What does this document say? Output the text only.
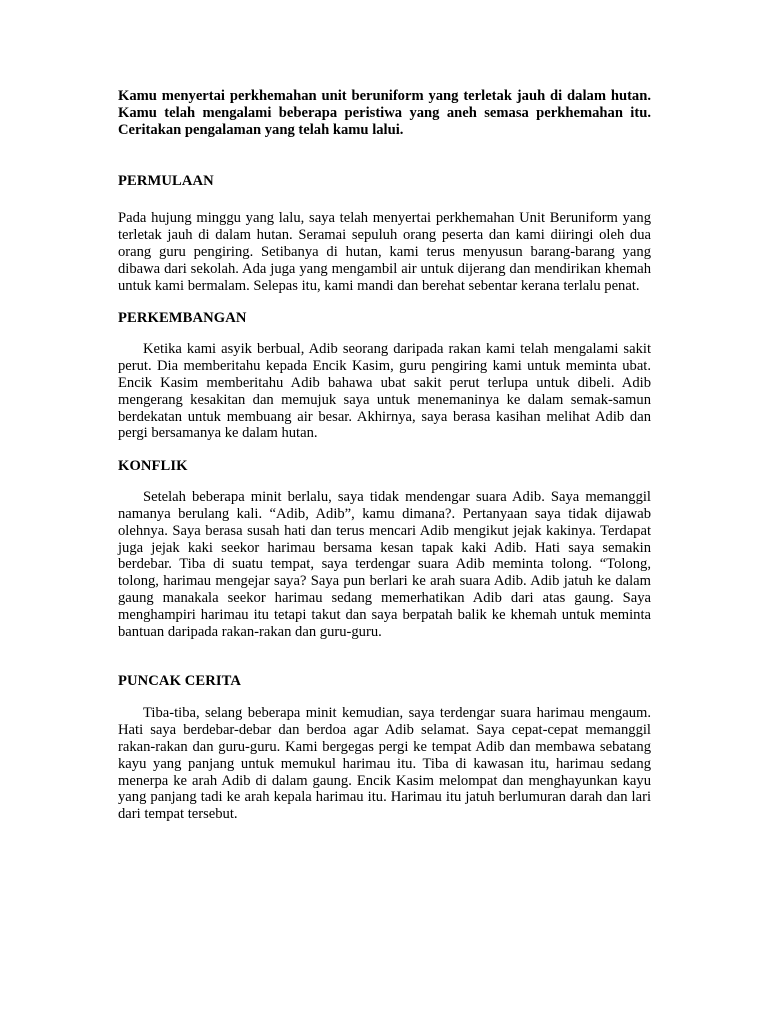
Kamu menyertai perkhemahan unit beruniform yang terletak jauh di dalam hutan. Kamu telah mengalami beberapa peristiwa yang aneh semasa perkhemahan itu. Ceritakan pengalaman yang telah kamu lalui.

PERMULAAN

Pada hujung minggu yang lalu, saya telah menyertai perkhemahan Unit Beruniform yang terletak jauh di dalam hutan. Seramai sepuluh orang peserta dan kami diiringi oleh dua orang guru pengiring. Setibanya di hutan, kami terus menyusun barang-barang yang dibawa dari sekolah. Ada juga yang mengambil air untuk dijerang dan mendirikan khemah untuk kami bermalam. Selepas itu, kami mandi dan berehat sebentar kerana terlalu penat.

PERKEMBANGAN

Ketika kami asyik berbual, Adib seorang daripada rakan kami telah mengalami sakit perut. Dia memberitahu kepada Encik Kasim, guru pengiring kami untuk meminta ubat. Encik Kasim memberitahu Adib bahawa ubat sakit perut terlupa untuk dibeli. Adib mengerang kesakitan dan memujuk saya untuk menemaninya ke dalam semak-samun berdekatan untuk membuang air besar. Akhirnya, saya berasa kasihan melihat Adib dan pergi bersamanya ke dalam hutan.

KONFLIK

Setelah beberapa minit berlalu, saya tidak mendengar suara Adib. Saya memanggil namanya berulang kali. “Adib, Adib”, kamu dimana?. Pertanyaan saya tidak dijawab olehnya. Saya berasa susah hati dan terus mencari Adib mengikut jejak kakinya. Terdapat juga jejak kaki seekor harimau bersama kesan tapak kaki Adib. Hati saya semakin berdebar. Tiba di suatu tempat, saya terdengar suara Adib meminta tolong. “Tolong, tolong, harimau mengejar saya? Saya pun berlari ke arah suara Adib. Adib jatuh ke dalam gaung manakala seekor harimau sedang memerhatikan Adib dari atas gaung. Saya menghampiri harimau itu tetapi takut dan saya berpatah balik ke khemah untuk meminta bantuan daripada rakan-rakan dan guru-guru.

PUNCAK CERITA

Tiba-tiba, selang beberapa minit kemudian, saya terdengar suara harimau mengaum. Hati saya berdebar-debar dan berdoa agar Adib selamat. Saya cepat-cepat memanggil rakan-rakan dan guru-guru. Kami bergegas pergi ke tempat Adib dan membawa sebatang kayu yang panjang untuk memukul harimau itu. Tiba di kawasan itu, harimau sedang menerpa ke arah Adib di dalam gaung. Encik Kasim melompat dan menghayunkan kayu yang panjang tadi ke arah kepala harimau itu. Harimau itu jatuh berlumuran darah dan lari dari tempat tersebut.
